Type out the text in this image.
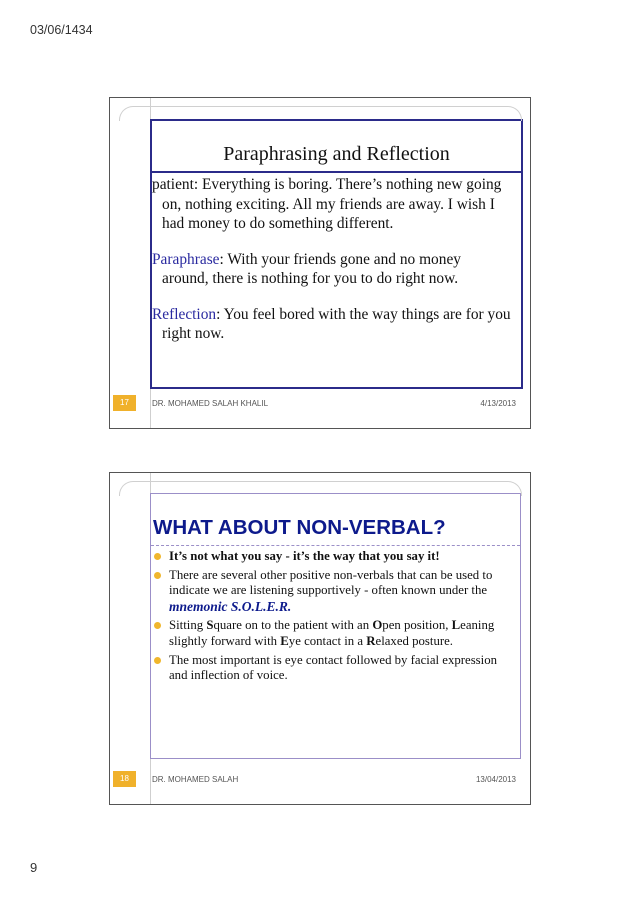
03/06/1434
Paraphrasing and Reflection

patient: Everything is boring. There’s nothing new going on, nothing exciting. All my friends are away. I wish I had money to do something different.

Paraphrase: With your friends gone and no money around, there is nothing for you to do right now.

Reflection: You feel bored with the way things are for you right now.

17	DR. MOHAMED SALAH KHALIL	4/13/2013
WHAT ABOUT NON-VERBAL?
It’s not what you say - it’s the way that you say it!
There are several other positive non-verbals that can be used to indicate we are listening supportively - often known under the mnemonic S.O.L.E.R.
Sitting Square on to the patient with an Open position, Leaning slightly forward with Eye contact in a Relaxed posture.
The most important is eye contact followed by facial expression and inflection of voice.
18	DR. MOHAMED SALAH	13/04/2013
9
